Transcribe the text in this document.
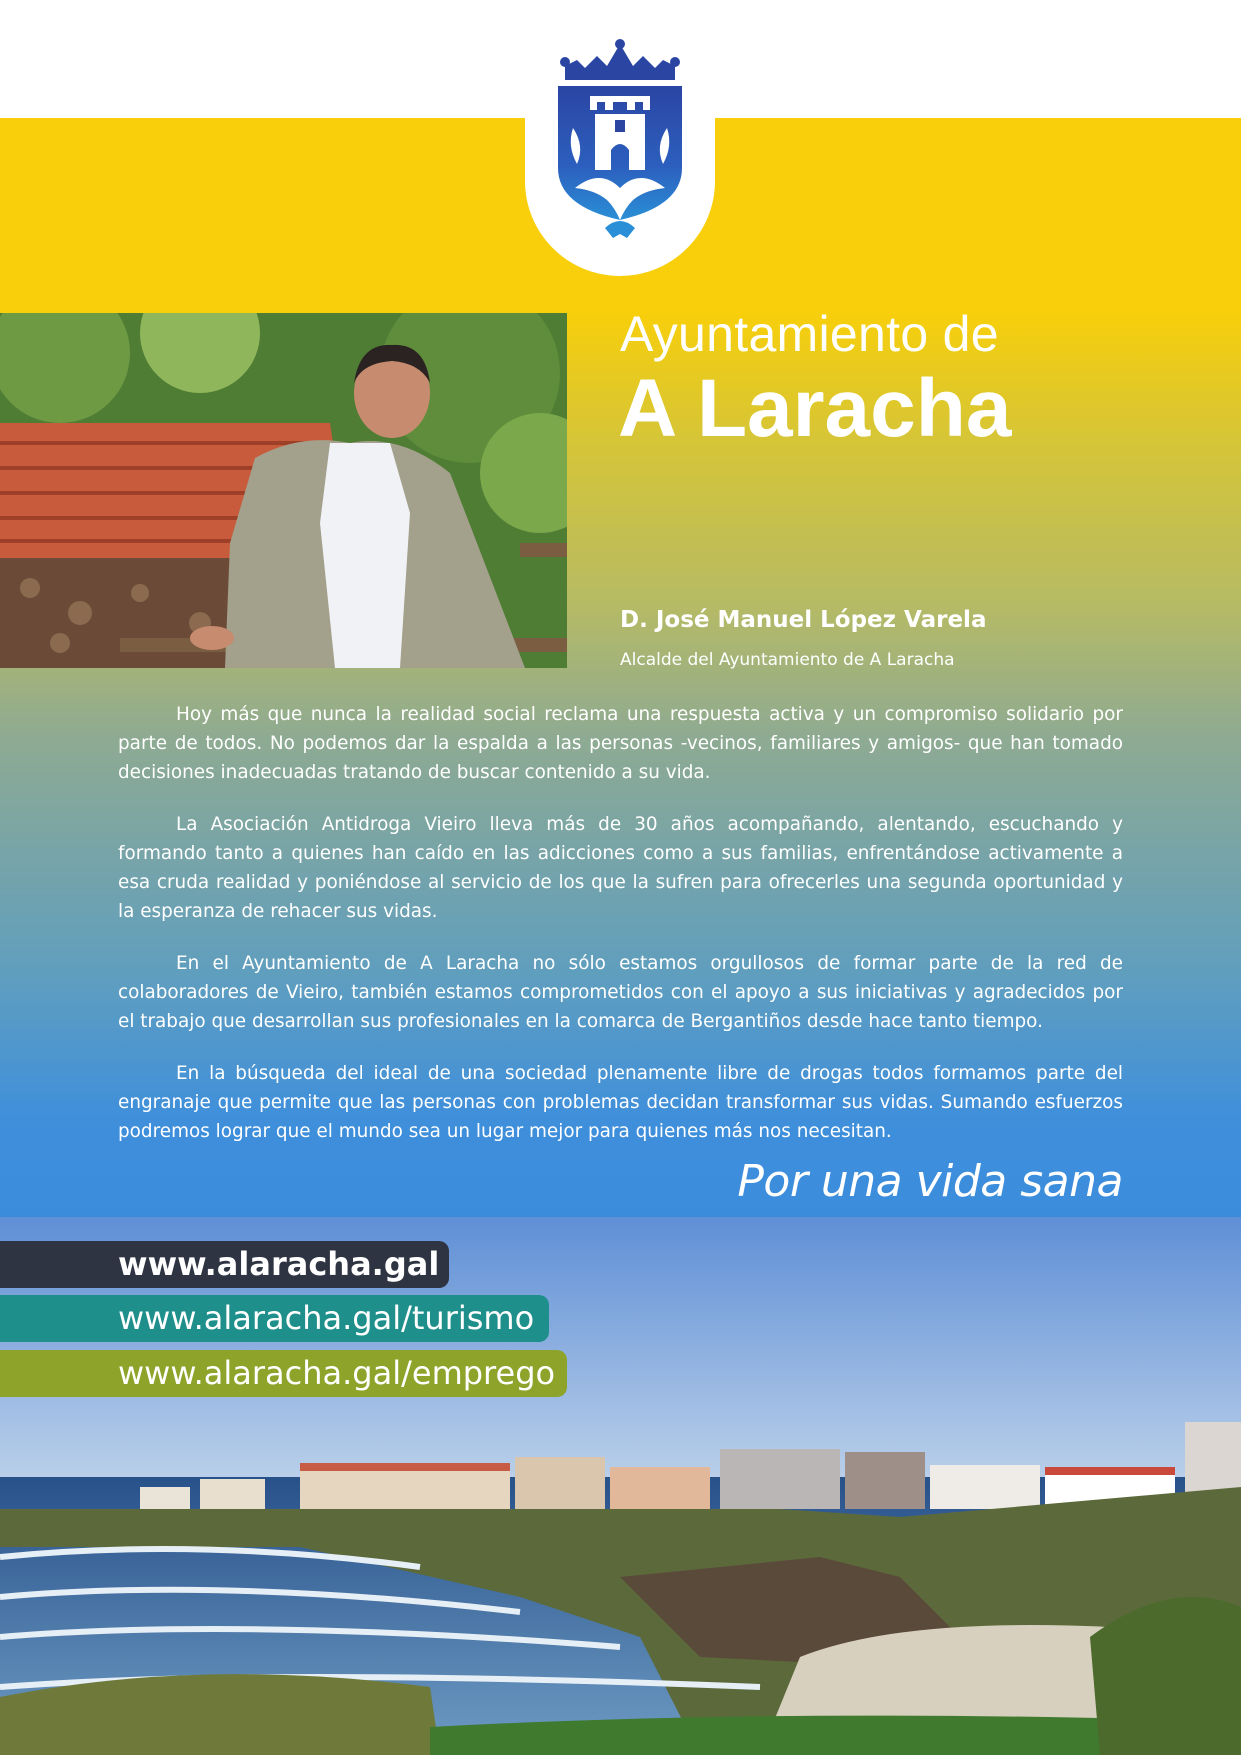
Ayuntamiento de
A Laracha
D. José Manuel López Varela
Alcalde del Ayuntamiento de A Laracha

Hoy más que nunca la realidad social reclama una respuesta activa y un compromiso solidario por parte de todos. No podemos dar la espalda a las personas -vecinos, familiares y amigos- que han tomado decisiones inadecuadas tratando de buscar contenido a su vida.

La Asociación Antidroga Vieiro lleva más de 30 años acompañando, alentando, escuchando y formando tanto a quienes han caído en las adicciones como a sus familias, enfrentándose activamente a esa cruda realidad y poniéndose al servicio de los que la sufren para ofrecerles una segunda oportunidad y la esperanza de rehacer sus vidas.

En el Ayuntamiento de A Laracha no sólo estamos orgullosos de formar parte de la red de colaboradores de Vieiro, también estamos comprometidos con el apoyo a sus iniciativas y agradecidos por el trabajo que desarrollan sus profesionales en la comarca de Bergantiños desde hace tanto tiempo.

En la búsqueda del ideal de una sociedad plenamente libre de drogas todos formamos parte del engranaje que permite que las personas con problemas decidan transformar sus vidas. Sumando esfuerzos podremos lograr que el mundo sea un lugar mejor para quienes más nos necesitan.

Por una vida sana
www.alaracha.gal
www.alaracha.gal/turismo
www.alaracha.gal/emprego
